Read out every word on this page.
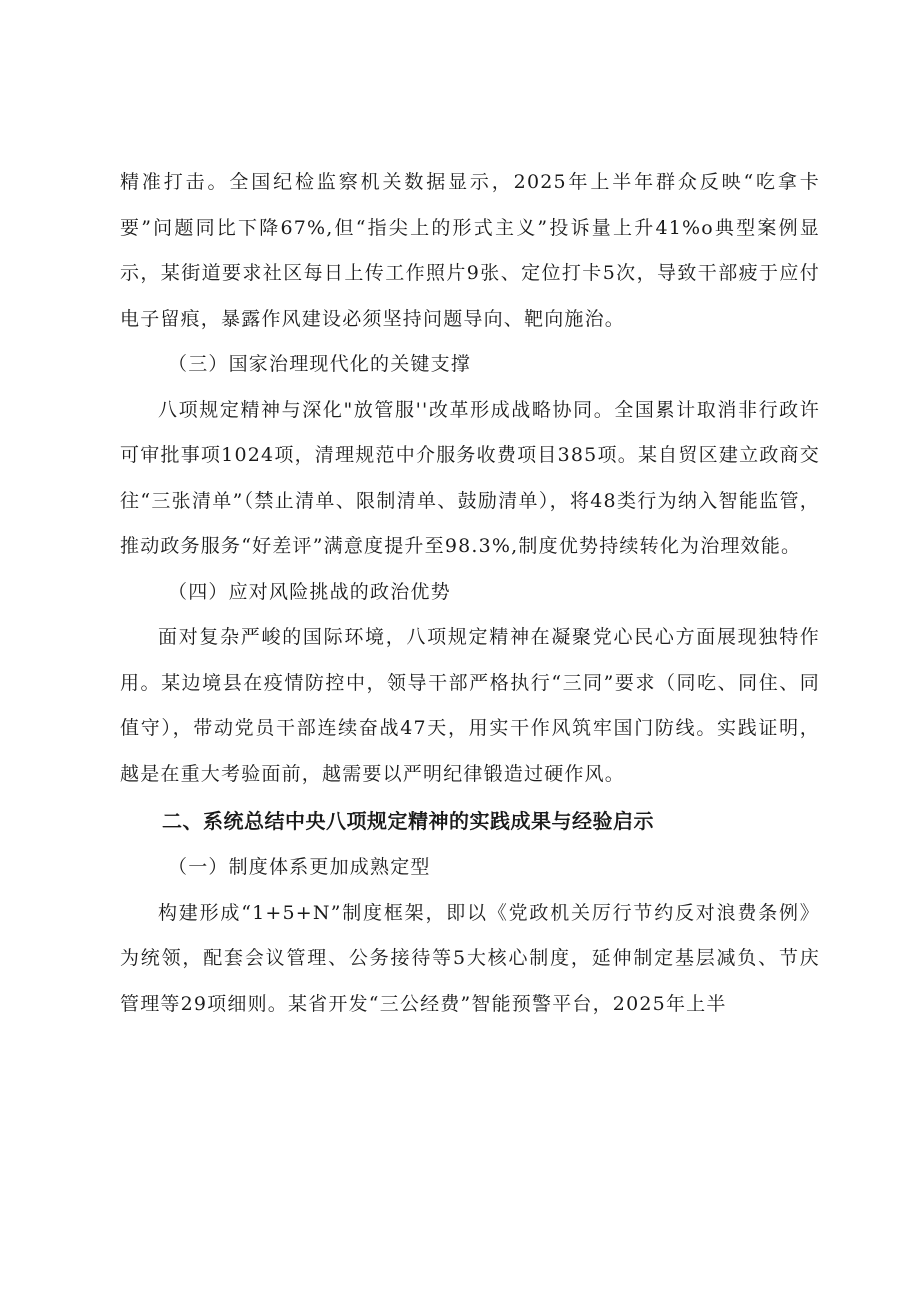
精准打击。全国纪检监察机关数据显示，2025年上半年群众反映“吃拿卡要”问题同比下降67%,但“指尖上的形式主义”投诉量上升41%o典型案例显示，某街道要求社区每日上传工作照片9张、定位打卡5次，导致干部疲于应付电子留痕，暴露作风建设必须坚持问题导向、靶向施治。

（三）国家治理现代化的关键支撑

八项规定精神与深化"放管服''改革形成战略协同。全国累计取消非行政许可审批事项1024项，清理规范中介服务收费项目385项。某自贸区建立政商交往“三张清单”（禁止清单、限制清单、鼓励清单），将48类行为纳入智能监管，推动政务服务“好差评”满意度提升至98.3%,制度优势持续转化为治理效能。

（四）应对风险挑战的政治优势

面对复杂严峻的国际环境，八项规定精神在凝聚党心民心方面展现独特作用。某边境县在疫情防控中，领导干部严格执行“三同”要求（同吃、同住、同值守），带动党员干部连续奋战47天，用实干作风筑牢国门防线。实践证明，越是在重大考验面前，越需要以严明纪律锻造过硬作风。

二、系统总结中央八项规定精神的实践成果与经验启示

（一）制度体系更加成熟定型

构建形成“1+5+N”制度框架，即以《党政机关厉行节约反对浪费条例》为统领，配套会议管理、公务接待等5大核心制度，延伸制定基层减负、节庆管理等29项细则。某省开发“三公经费”智能预警平台，2025年上半
